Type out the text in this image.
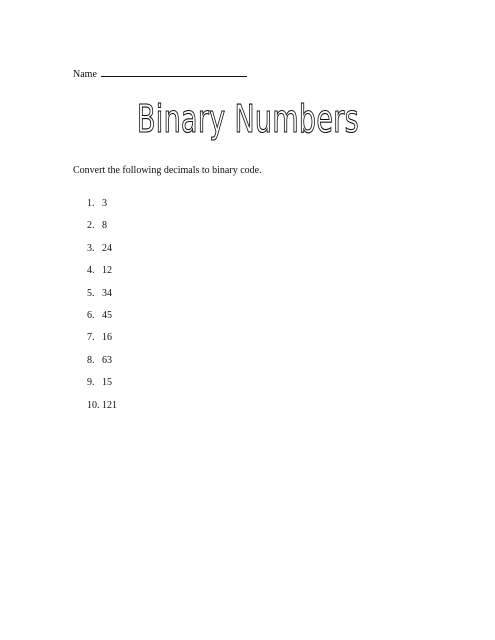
Name
Binary Numbers
Convert the following decimals to binary code.
1. 3
2. 8
3. 24
4. 12
5. 34
6. 45
7. 16
8. 63
9. 15
10. 121
